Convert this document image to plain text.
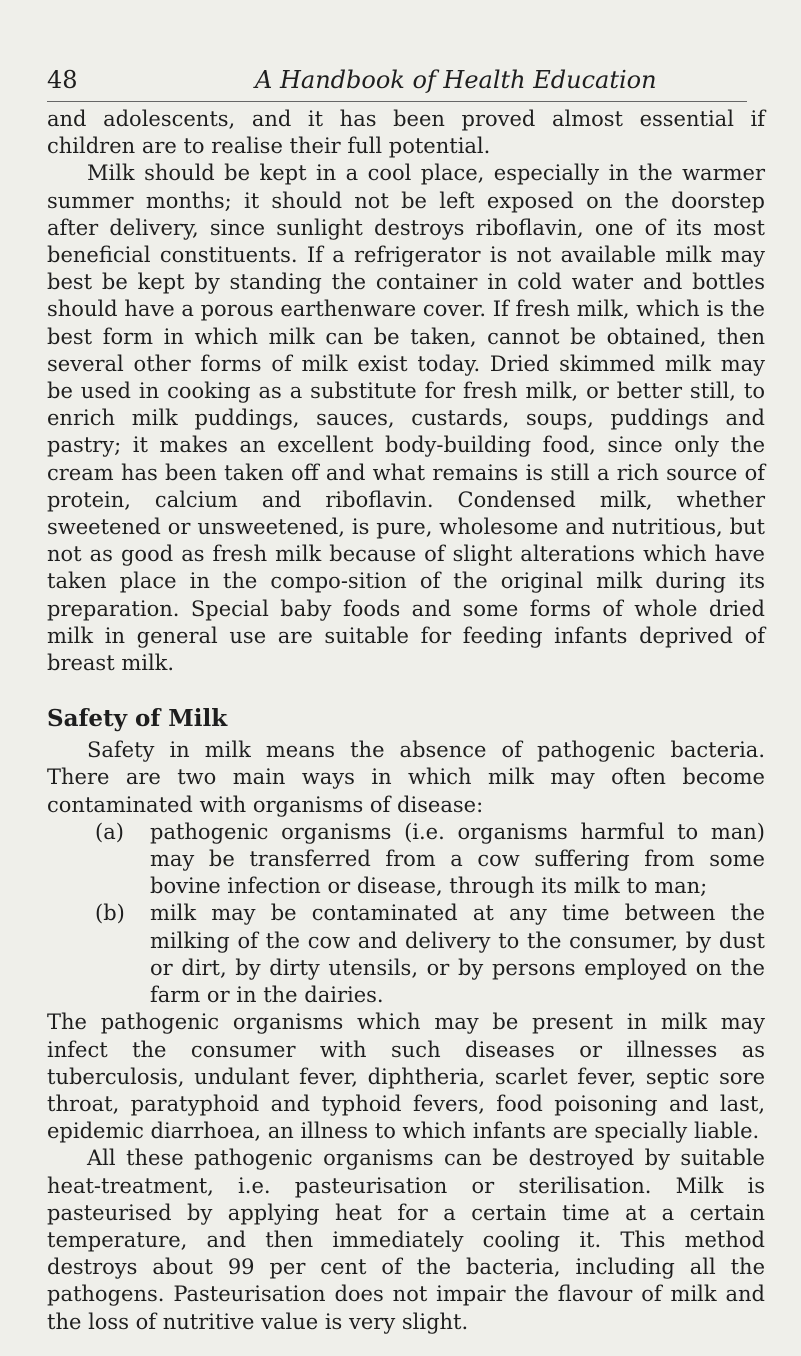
48	A Handbook of Health Education

and adolescents, and it has been proved almost essential if children are to realise their full potential.

Milk should be kept in a cool place, especially in the warmer summer months; it should not be left exposed on the doorstep after delivery, since sunlight destroys riboflavin, one of its most beneficial constituents. If a refrigerator is not available milk may best be kept by standing the container in cold water and bottles should have a porous earthenware cover. If fresh milk, which is the best form in which milk can be taken, cannot be obtained, then several other forms of milk exist today. Dried skimmed milk may be used in cooking as a substitute for fresh milk, or better still, to enrich milk puddings, sauces, custards, soups, puddings and pastry; it makes an excellent body-building food, since only the cream has been taken off and what remains is still a rich source of protein, calcium and riboflavin. Condensed milk, whether sweetened or unsweetened, is pure, wholesome and nutritious, but not as good as fresh milk because of slight alterations which have taken place in the compo-sition of the original milk during its preparation. Special baby foods and some forms of whole dried milk in general use are suitable for feeding infants deprived of breast milk.

Safety of Milk

Safety in milk means the absence of pathogenic bacteria. There are two main ways in which milk may often become contaminated with organisms of disease:

(a) pathogenic organisms (i.e. organisms harmful to man) may be transferred from a cow suffering from some bovine infection or disease, through its milk to man;

(b) milk may be contaminated at any time between the milking of the cow and delivery to the consumer, by dust or dirt, by dirty utensils, or by persons employed on the farm or in the dairies.

The pathogenic organisms which may be present in milk may infect the consumer with such diseases or illnesses as tuberculosis, undulant fever, diphtheria, scarlet fever, septic sore throat, paratyphoid and typhoid fevers, food poisoning and last, epidemic diarrhoea, an illness to which infants are specially liable.

All these pathogenic organisms can be destroyed by suitable heat-treatment, i.e. pasteurisation or sterilisation. Milk is pasteurised by applying heat for a certain time at a certain temperature, and then immediately cooling it. This method destroys about 99 per cent of the bacteria, including all the pathogens. Pasteurisation does not impair the flavour of milk and the loss of nutritive value is very slight.
